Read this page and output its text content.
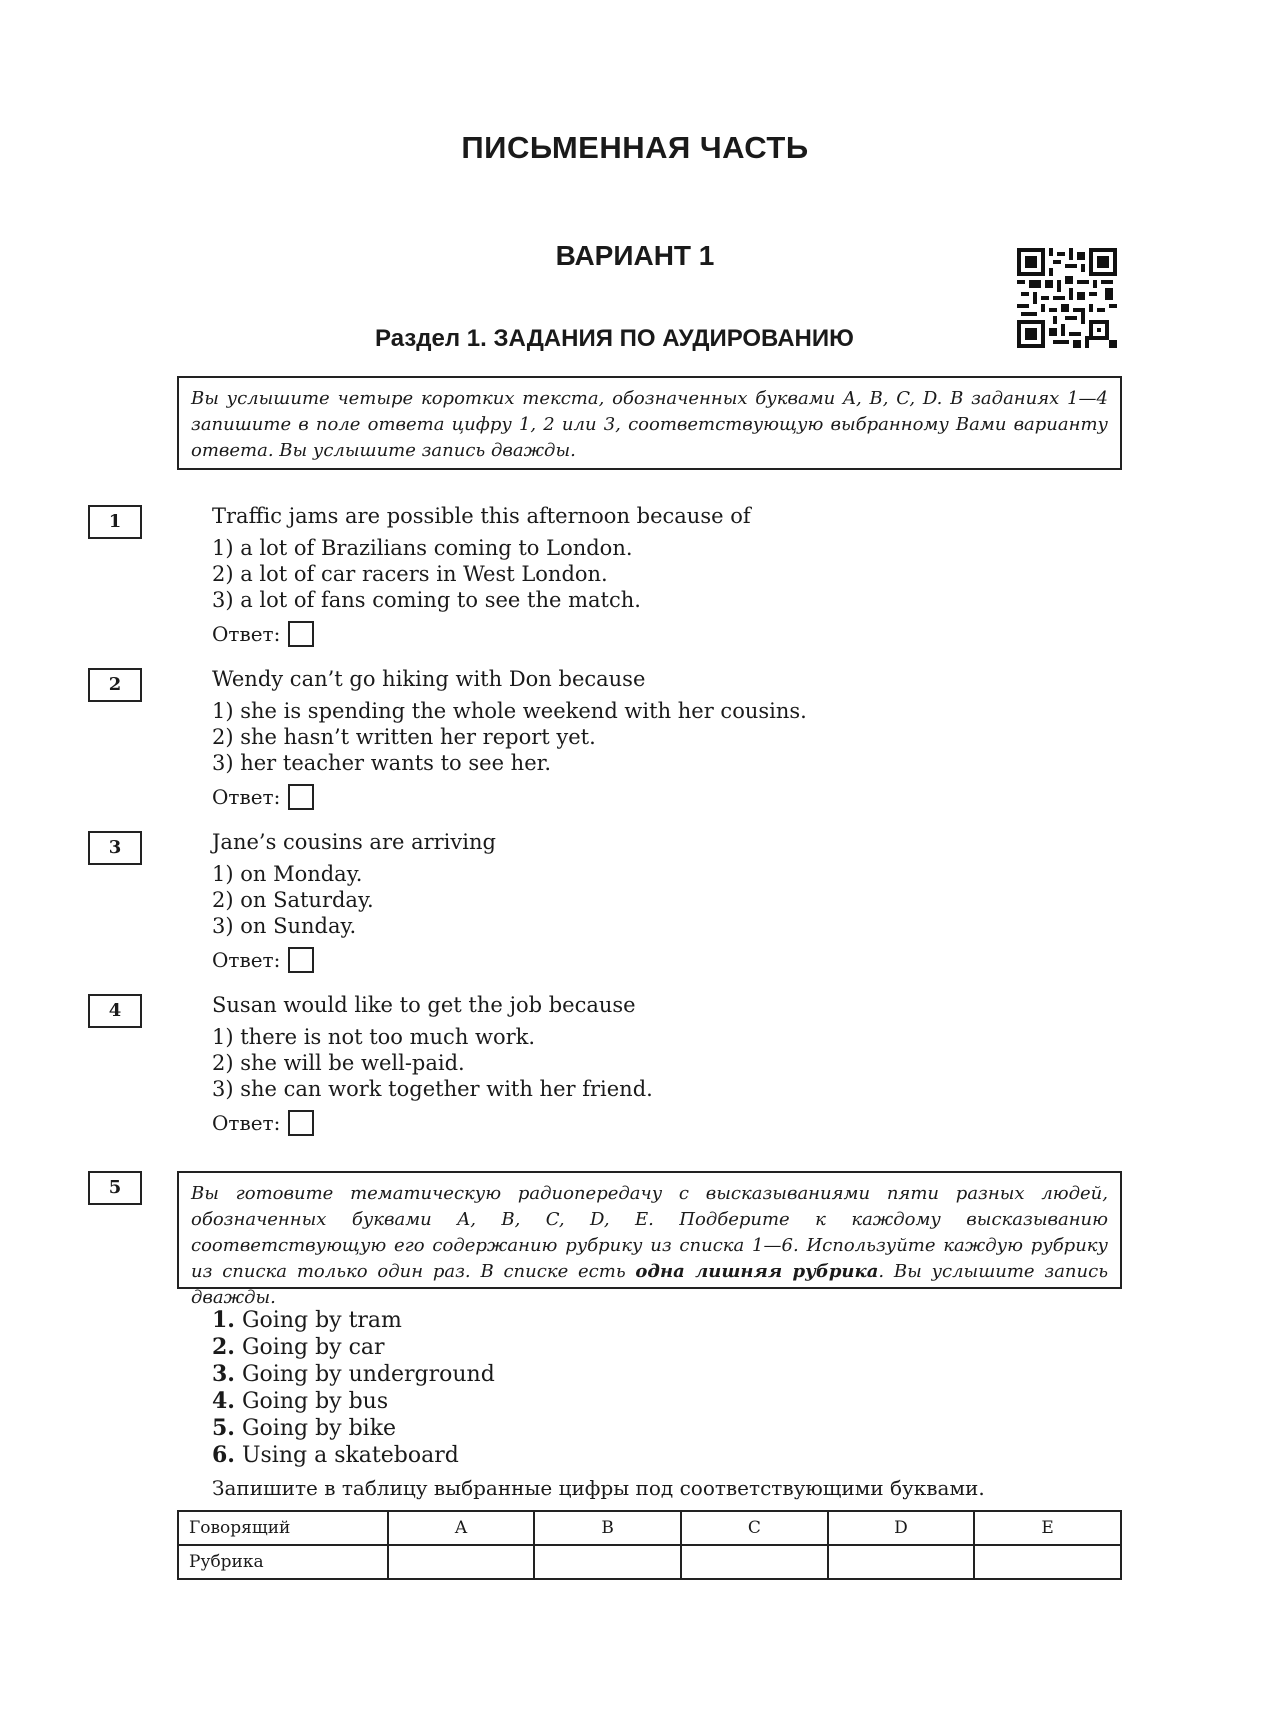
ПИСЬМЕННАЯ ЧАСТЬ
ВАРИАНТ 1
Раздел 1. ЗАДАНИЯ ПО АУДИРОВАНИЮ
Вы услышите четыре коротких текста, обозначенных буквами A, B, C, D. В заданиях 1—4 запишите в поле ответа цифру 1, 2 или 3, соответствующую выбранному Вами варианту ответа. Вы услышите запись дважды.
1	Traffic jams are possible this afternoon because of
1) a lot of Brazilians coming to London.
2) a lot of car racers in West London.
3) a lot of fans coming to see the match.
Ответ:
2	Wendy can’t go hiking with Don because
1) she is spending the whole weekend with her cousins.
2) she hasn’t written her report yet.
3) her teacher wants to see her.
Ответ:
3	Jane’s cousins are arriving
1) on Monday.
2) on Saturday.
3) on Sunday.
Ответ:
4	Susan would like to get the job because
1) there is not too much work.
2) she will be well-paid.
3) she can work together with her friend.
Ответ:
5	Вы готовите тематическую радиопередачу с высказываниями пяти разных людей, обозначенных буквами A, B, C, D, E. Подберите к каждому высказыванию соответствующую его содержанию рубрику из списка 1—6. Используйте каждую рубрику из списка только один раз. В списке есть одна лишняя рубрика. Вы услышите запись дважды.
1. Going by tram
2. Going by car
3. Going by underground
4. Going by bus
5. Going by bike
6. Using a skateboard
Запишите в таблицу выбранные цифры под соответствующими буквами.
Говорящий	A	B	C	D	E
Рубрика					
